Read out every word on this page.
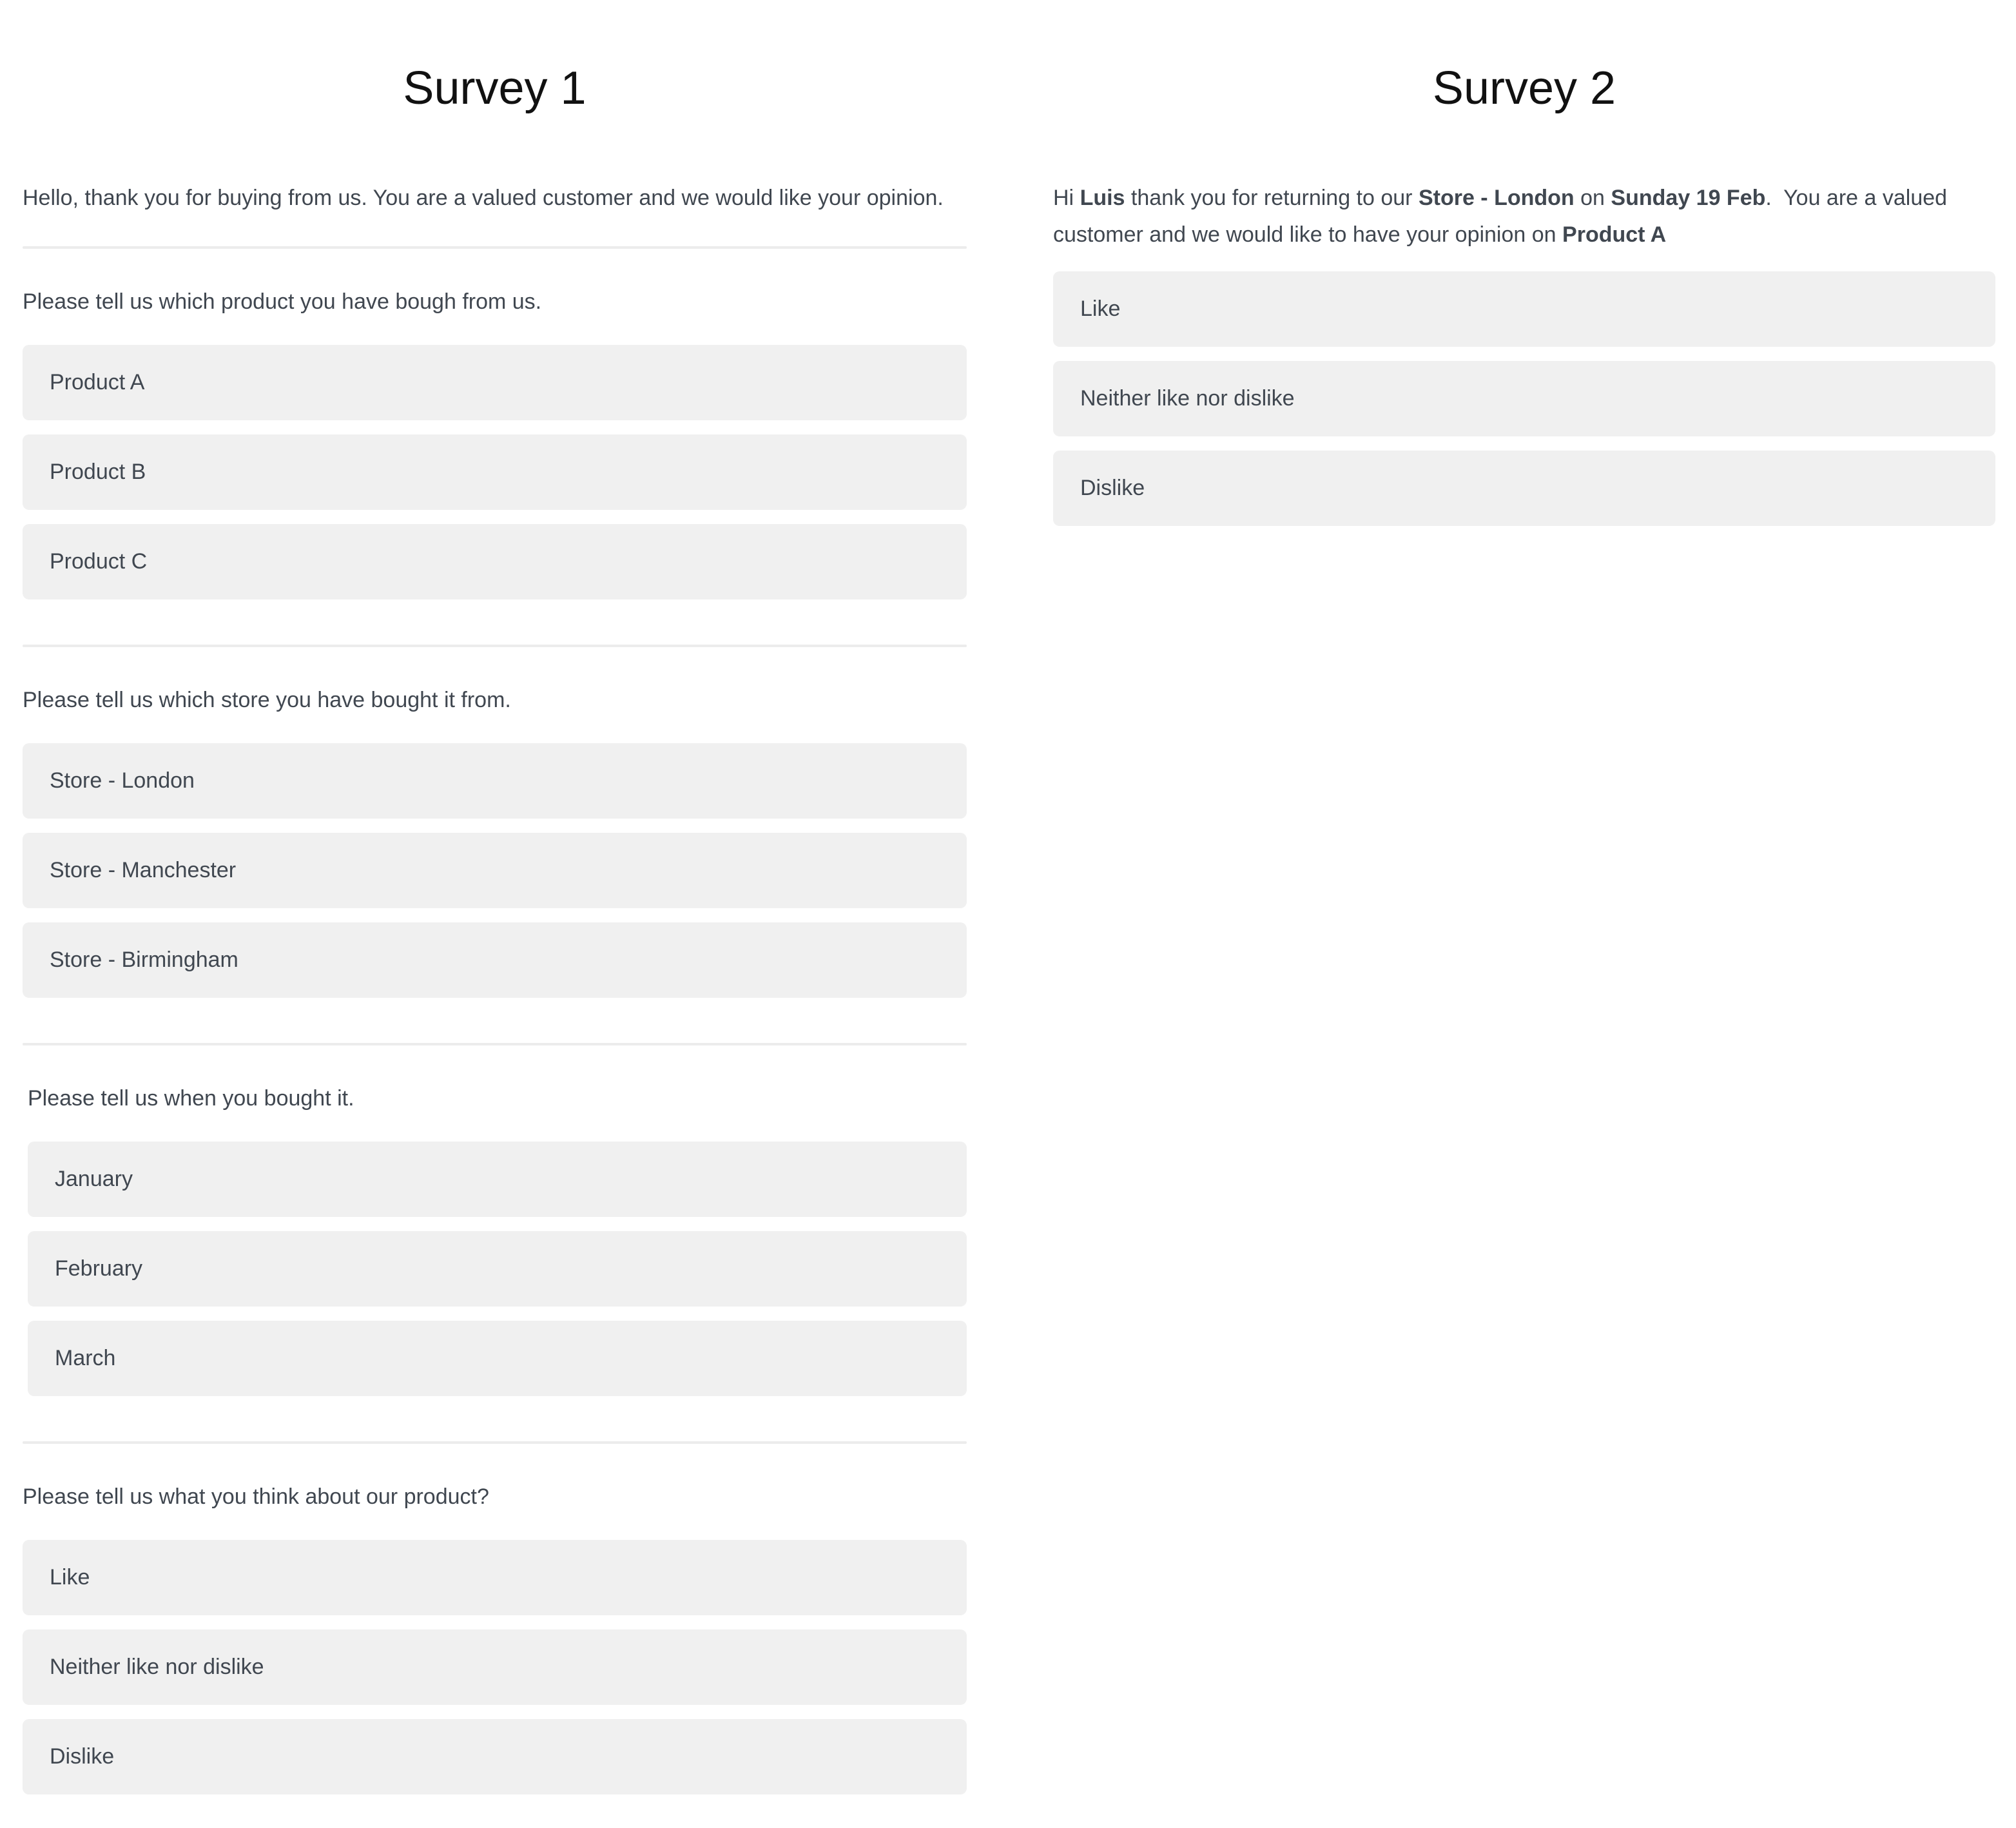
Survey 1

Hello, thank you for buying from us. You are a valued customer and we would like your opinion.

Please tell us which product you have bough from us.
Product A
Product B
Product C
Please tell us which store you have bought it from.
Store - London
Store - Manchester
Store - Birmingham
Please tell us when you bought it.
January
February
March
Please tell us what you think about our product?
Like
Neither like nor dislike
Dislike
Survey 2

Hi Luis thank you for returning to our Store - London on Sunday 19 Feb.  You are a valued customer and we would like to have your opinion on Product A

Like
Neither like nor dislike
Dislike
